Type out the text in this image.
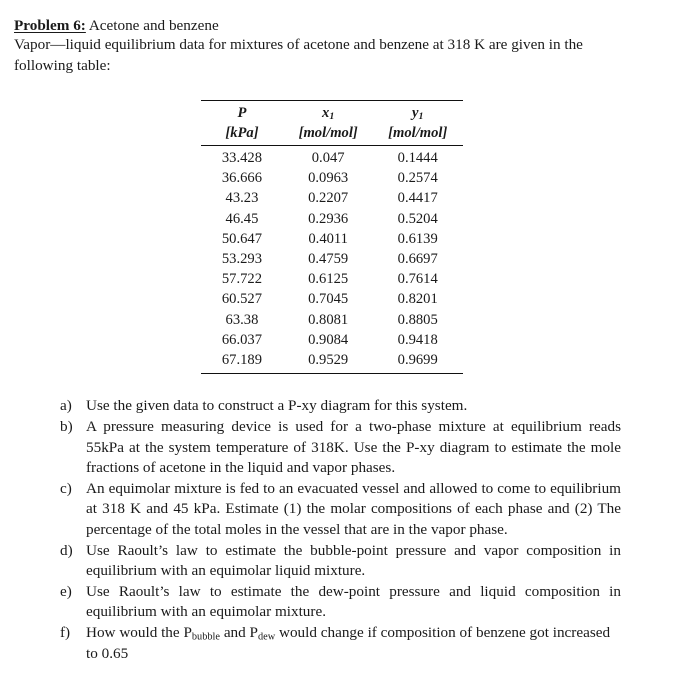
Problem 6: Acetone and benzene

Vapor—liquid equilibrium data for mixtures of acetone and benzene at 318 K are given in the following table:

P	$x_1$	$y_1$
[kPa]	[mol/mol]	[mol/mol]
33.428	0.047	0.1444
36.666	0.0963	0.2574
43.23	0.2207	0.4417
46.45	0.2936	0.5204
50.647	0.4011	0.6139
53.293	0.4759	0.6697
57.722	0.6125	0.7614
60.527	0.7045	0.8201
63.38	0.8081	0.8805
66.037	0.9084	0.9418
67.189	0.9529	0.9699
a) Use the given data to construct a P-xy diagram for this system.
b) A pressure measuring device is used for a two-phase mixture at equilibrium reads 55kPa at the system temperature of 318K. Use the P-xy diagram to estimate the mole fractions of acetone in the liquid and vapor phases.
c) An equimolar mixture is fed to an evacuated vessel and allowed to come to equilibrium at 318 K and 45 kPa. Estimate (1) the molar compositions of each phase and (2) The percentage of the total moles in the vessel that are in the vapor phase.
d) Use Raoult’s law to estimate the bubble-point pressure and vapor composition in equilibrium with an equimolar liquid mixture.
e) Use Raoult’s law to estimate the dew-point pressure and liquid composition in equilibrium with an equimolar mixture.
f)	How would the $P_{bubble}$ and $P_{dew}$ would change if composition of benzene got increased to 0.65
